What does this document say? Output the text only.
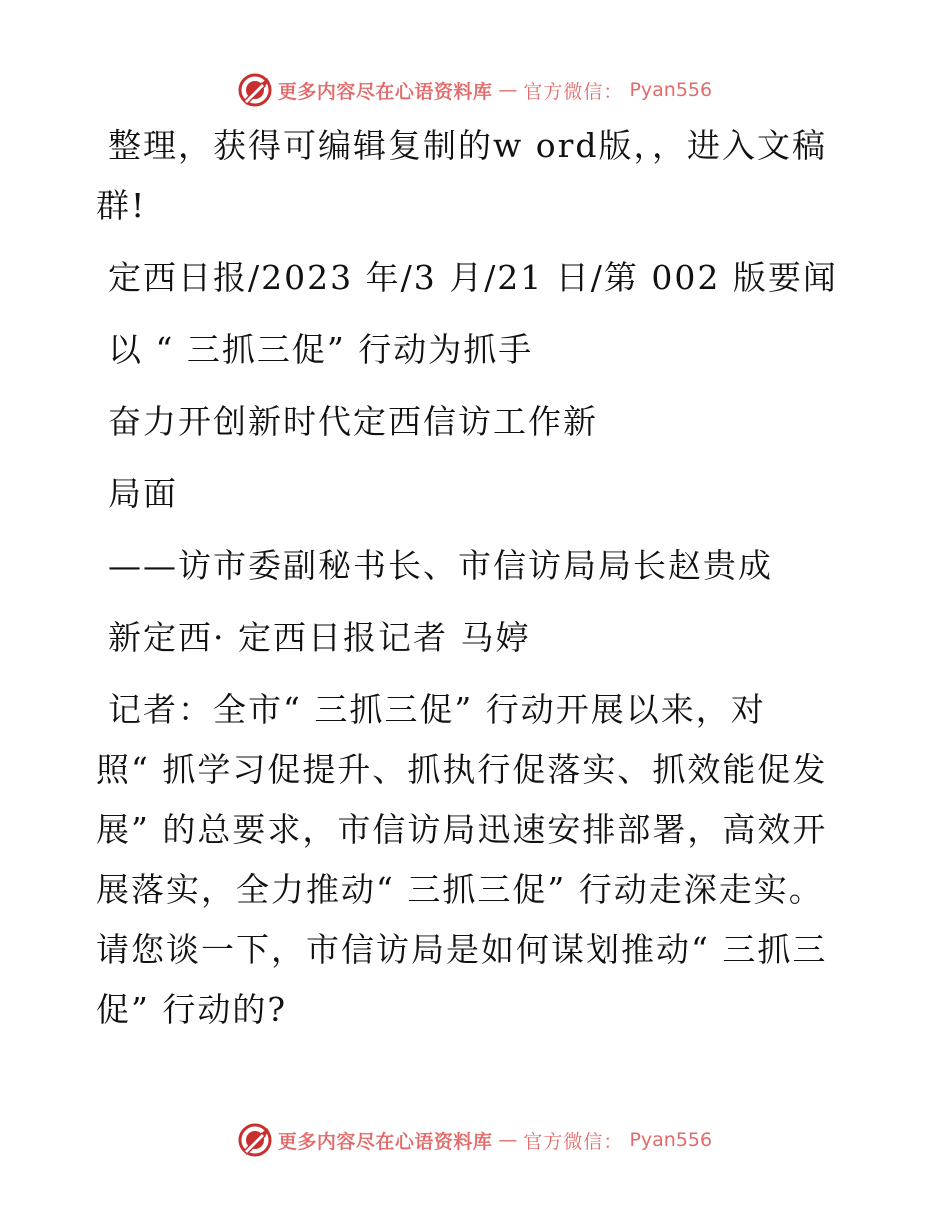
更多内容尽在心语资料库 — 官方微信： Pyan556

整理，获得可编辑复制的w ord版，，进入文稿

群!

定西日报/2023 年/3 月/21 日/第 002 版要闻

以 “ 三抓三促” 行动为抓手

奋力开创新时代定西信访工作新

局面

——访市委副秘书长、市信访局局长赵贵成

新定西· 定西日报记者 马婷

记者：全市“ 三抓三促” 行动开展以来，对

照“ 抓学习促提升、抓执行促落实、抓效能促发

展” 的总要求，市信访局迅速安排部署，高效开

展落实，全力推动“ 三抓三促” 行动走深走实。

请您谈一下，市信访局是如何谋划推动“ 三抓三

促” 行动的?

更多内容尽在心语资料库 — 官方微信： Pyan556
